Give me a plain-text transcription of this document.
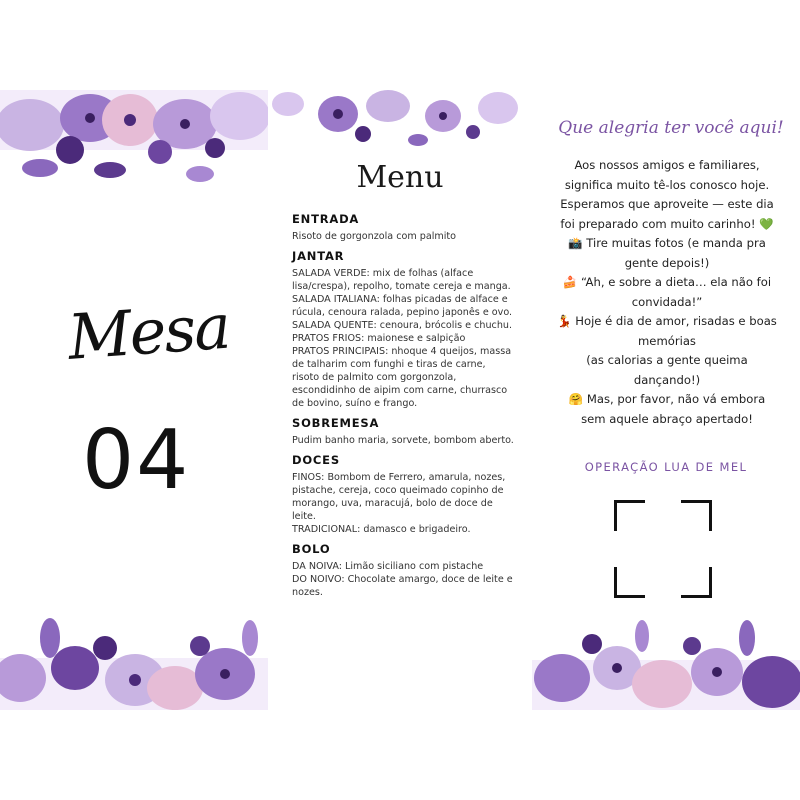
Mesa
04
Menu
ENTRADA
Risoto de gorgonzola com palmito
JANTAR
SALADA VERDE: mix de folhas (alface lisa/crespa), repolho, tomate cereja e manga.
SALADA ITALIANA: folhas picadas de alface e rúcula, cenoura ralada, pepino japonês e ovo.
SALADA QUENTE: cenoura, brócolis e chuchu.
PRATOS FRIOS: maionese e salpição
PRATOS PRINCIPAIS: nhoque 4 queijos, massa de talharim com funghi e tiras de carne, risoto de palmito com gorgonzola, escondidinho de aipim com carne, churrasco de bovino, suíno e frango.
SOBREMESA
Pudim banho maria, sorvete, bombom aberto.
DOCES
FINOS: Bombom de Ferrero, amarula, nozes, pistache, cereja, coco queimado copinho de morango, uva, maracujá, bolo de doce de leite.
TRADICIONAL: damasco e brigadeiro.
BOLO
DA NOIVA: Limão siciliano com pistache
DO NOIVO: Chocolate amargo, doce de leite e nozes.
Que alegria ter você aqui!
Aos nossos amigos e familiares,
significa muito tê-los conosco hoje.
Esperamos que aproveite — este dia
foi preparado com muito carinho! 💚
📸 Tire muitas fotos (e manda pra
gente depois!)
🍰 “Ah, e sobre a dieta… ela não foi
convidada!”
💃 Hoje é dia de amor, risadas e boas
memórias
(as calorias a gente queima
dançando!)
🤗 Mas, por favor, não vá embora
sem aquele abraço apertado!
OPERAÇÃO LUA DE MEL
